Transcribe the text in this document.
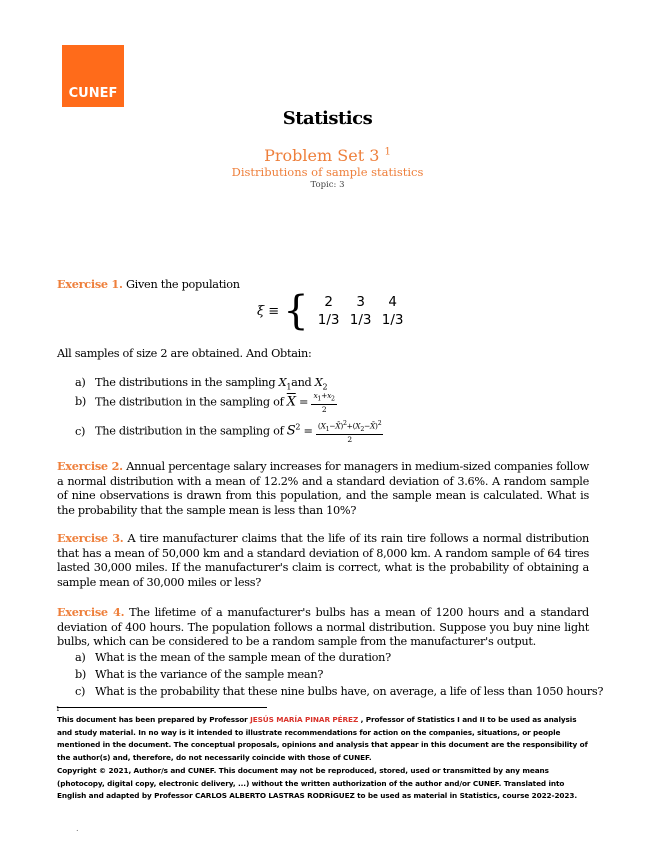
CUNEF
Statistics
Problem Set 3 $^1$
Distributions of sample statistics
Topic: 3
Exercise 1. Given the population
ξ ≡ {	2	3	4
1/3 1/3 1/3
All samples of size 2 are obtained. And Obtain:
a) The distributions in the sampling $X_1and$ $X_2$
b) The distribution in the sampling of $\overline{X} = \frac{x_1+x_2}{2}$
c) The distribution in the sampling of $S^2 = \frac{(X_1-X̄)^2+(X_2-X̄)^2}{2}$
Exercise 2. Annual percentage salary increases for managers in medium-sized companies follow a normal distribution with a mean of 12.2% and a standard deviation of 3.6%. A random sample of nine observations is drawn from this population, and the sample mean is calculated. What is the probability that the sample mean is less than 10%?
Exercise 3. A tire manufacturer claims that the life of its rain tire follows a normal distribution that has a mean of 50,000 km and a standard deviation of 8,000 km. A random sample of 64 tires lasted 30,000 miles. If the manufacturer's claim is correct, what is the probability of obtaining a sample mean of 30,000 miles or less?
Exercise 4. The lifetime of a manufacturer's bulbs has a mean of 1200 hours and a standard deviation of 400 hours. The population follows a normal distribution. Suppose you buy nine light bulbs, which can be considered to be a random sample from the manufacturer's output.
a) What is the mean of the sample mean of the duration?
b) What is the variance of the sample mean?
c) What is the probability that these nine bulbs have, on average, a life of less than 1050 hours?
1
This document has been prepared by Professor JESÚS MARÍA PINAR PÉREZ , Professor of Statistics I and II to be used as analysis and study material. In no way is it intended to illustrate recommendations for action on the companies, situations, or people mentioned in the document. The conceptual proposals, opinions and analysis that appear in this document are the responsibility of the author(s) and, therefore, do not necessarily coincide with those of CUNEF.
Copyright © 2021, Author/s and CUNEF. This document may not be reproduced, stored, used or transmitted by any means (photocopy, digital copy, electronic delivery, ...) without the written authorization of the author and/or CUNEF. Translated into English and adapted by Professor CARLOS ALBERTO LASTRAS RODRÍGUEZ to be used as material in Statistics, course 2022-2023.
.
